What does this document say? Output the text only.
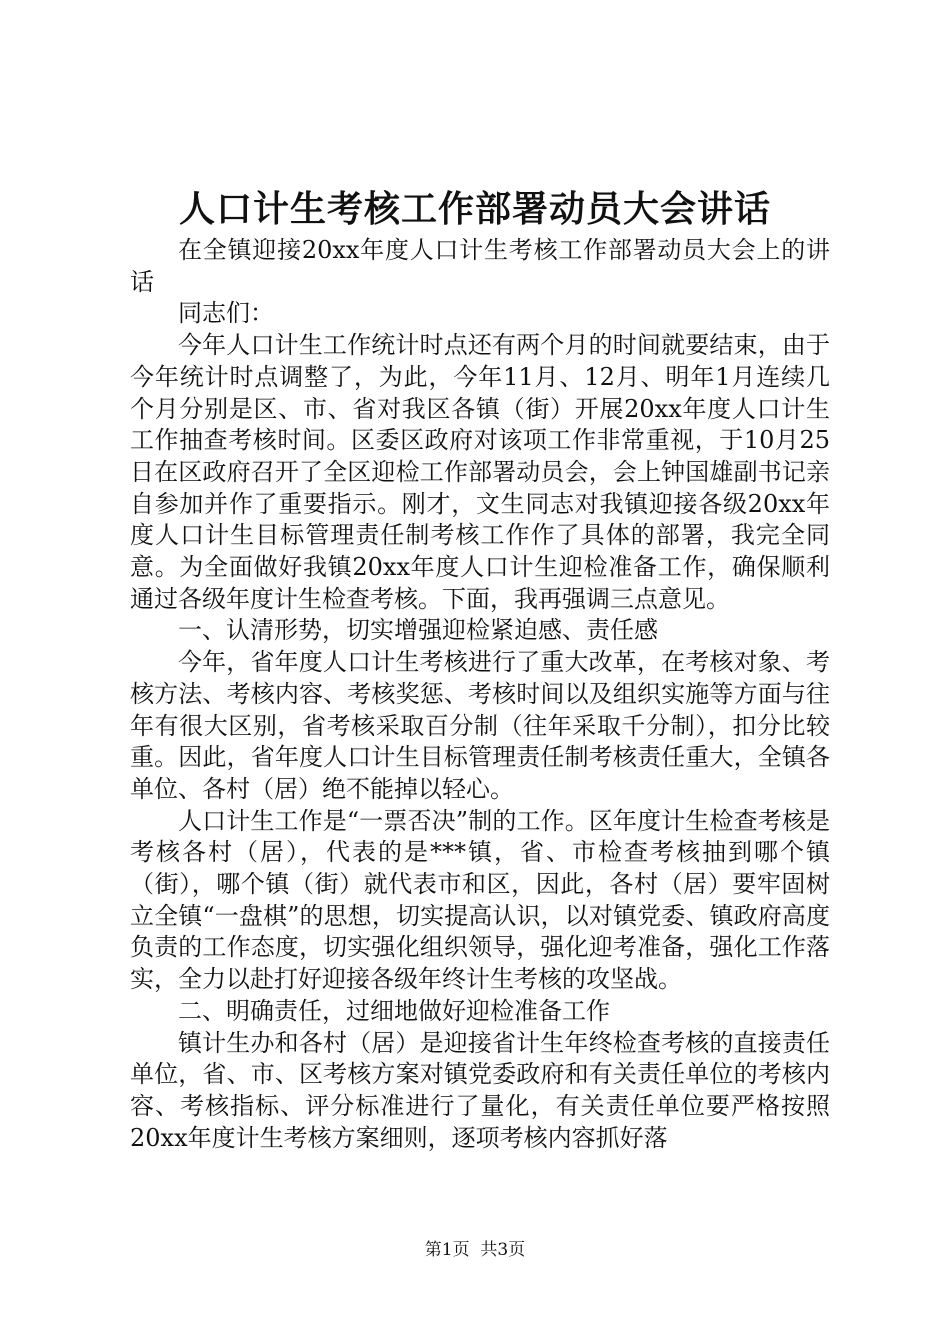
人口计生考核工作部署动员大会讲话

在全镇迎接20xx年度人口计生考核工作部署动员大会上的讲话

同志们：

今年人口计生工作统计时点还有两个月的时间就要结束，由于今年统计时点调整了，为此，今年11月、12月、明年1月连续几个月分别是区、市、省对我区各镇（街）开展20xx年度人口计生工作抽查考核时间。区委区政府对该项工作非常重视，于10月25日在区政府召开了全区迎检工作部署动员会，会上钟国雄副书记亲自参加并作了重要指示。刚才，文生同志对我镇迎接各级20xx年度人口计生目标管理责任制考核工作作了具体的部署，我完全同意。为全面做好我镇20xx年度人口计生迎检准备工作，确保顺利通过各级年度计生检查考核。下面，我再强调三点意见。

一、认清形势，切实增强迎检紧迫感、责任感

今年，省年度人口计生考核进行了重大改革，在考核对象、考核方法、考核内容、考核奖惩、考核时间以及组织实施等方面与往年有很大区别，省考核采取百分制（往年采取千分制），扣分比较重。因此，省年度人口计生目标管理责任制考核责任重大，全镇各单位、各村（居）绝不能掉以轻心。

人口计生工作是“一票否决”制的工作。区年度计生检查考核是考核各村（居），代表的是***镇，省、市检查考核抽到哪个镇（街），哪个镇（街）就代表市和区，因此，各村（居）要牢固树立全镇“一盘棋”的思想，切实提高认识，以对镇党委、镇政府高度负责的工作态度，切实强化组织领导，强化迎考准备，强化工作落实，全力以赴打好迎接各级年终计生考核的攻坚战。

二、明确责任，过细地做好迎检准备工作

镇计生办和各村（居）是迎接省计生年终检查考核的直接责任单位，省、市、区考核方案对镇党委政府和有关责任单位的考核内容、考核指标、评分标准进行了量化，有关责任单位要严格按照20xx年度计生考核方案细则，逐项考核内容抓好落

第1页 共3页
